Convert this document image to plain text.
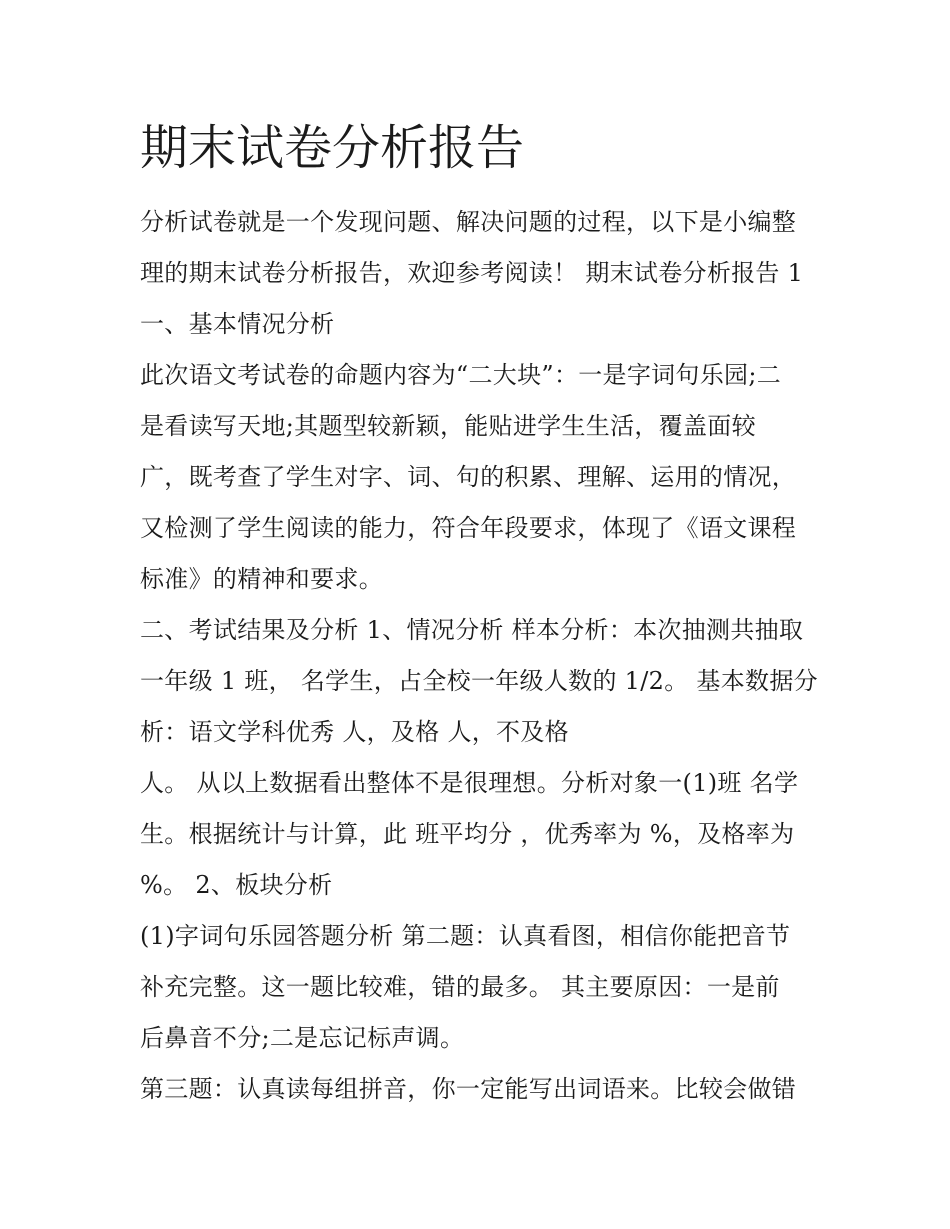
期末试卷分析报告

分析试卷就是一个发现问题、解决问题的过程，以下是小编整

理的期末试卷分析报告，欢迎参考阅读！ 期末试卷分析报告 1

一、基本情况分析

此次语文考试卷的命题内容为“二大块”：一是字词句乐园;二

是看读写天地;其题型较新颖，能贴进学生生活，覆盖面较

广，既考查了学生对字、词、句的积累、理解、运用的情况，

又检测了学生阅读的能力，符合年段要求，体现了《语文课程

标准》的精神和要求。

二、考试结果及分析 1、情况分析 样本分析：本次抽测共抽取

一年级 1 班， 名学生，占全校一年级人数的 1/2。 基本数据分

析：语文学科优秀 人，及格 人，不及格

人。 从以上数据看出整体不是很理想。分析对象一(1)班 名学

生。根据统计与计算，此 班平均分 ，优秀率为 %，及格率为

%。 2、板块分析

(1)字词句乐园答题分析 第二题：认真看图，相信你能把音节

补充完整。这一题比较难，错的最多。 其主要原因：一是前

后鼻音不分;二是忘记标声调。

第三题：认真读每组拼音，你一定能写出词语来。比较会做错
